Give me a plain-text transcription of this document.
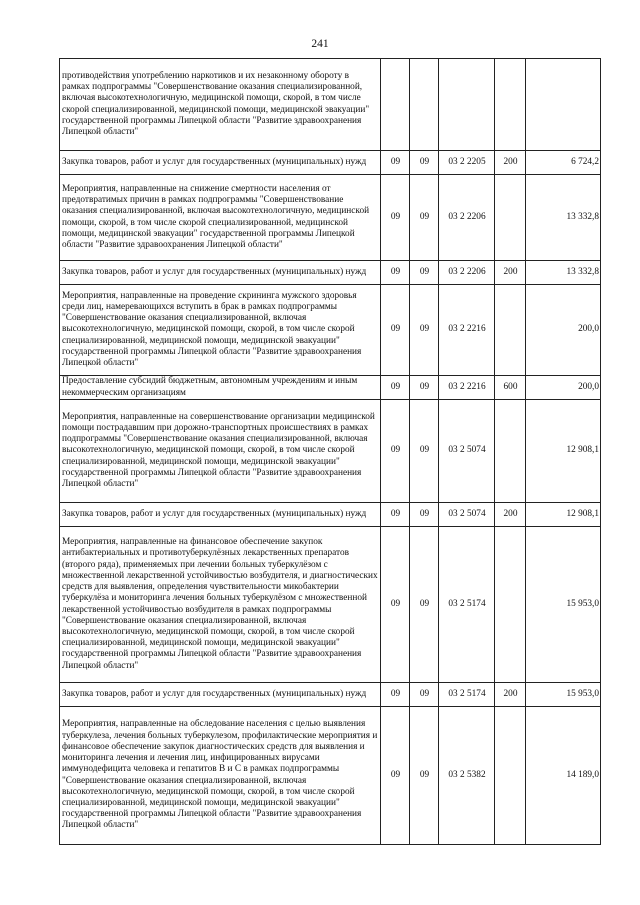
241
противодействия употреблению наркотиков и их незаконному обороту в рамках подпрограммы "Совершенствование оказания специализированной, включая высокотехнологичную, медицинской помощи, скорой, в том числе скорой специализированной, медицинской помощи, медицинской эвакуации" государственной программы Липецкой области "Развитие здравоохранения Липецкой области"					
Закупка товаров, работ и услуг для государственных (муниципальных) нужд	09	09	03 2 2205	200	6 724,2
Мероприятия, направленные на снижение смертности населения от предотвратимых причин в рамках подпрограммы "Совершенствование оказания специализированной, включая высокотехнологичную, медицинской помощи, скорой, в том числе скорой специализированной, медицинской помощи, медицинской эвакуации" государственной программы Липецкой области "Развитие здравоохранения Липецкой области"	09	09	03 2 2206		13 332,8
Закупка товаров, работ и услуг для государственных (муниципальных) нужд	09	09	03 2 2206	200	13 332,8
Мероприятия, направленные на проведение скрининга мужского здоровья среди лиц, намеревающихся вступить в брак в рамках подпрограммы "Совершенствование оказания специализированной, включая высокотехнологичную, медицинской помощи, скорой, в том числе скорой специализированной, медицинской помощи, медицинской эвакуации" государственной программы Липецкой области "Развитие здравоохранения Липецкой области"	09	09	03 2 2216		200,0
Предоставление субсидий бюджетным, автономным учреждениям и иным некоммерческим организациям	09	09	03 2 2216	600	200,0
Мероприятия, направленные на совершенствование организации медицинской помощи пострадавшим при дорожно-транспортных происшествиях в рамках подпрограммы "Совершенствование оказания специализированной, включая высокотехнологичную, медицинской помощи, скорой, в том числе скорой специализированной, медицинской помощи, медицинской эвакуации" государственной программы Липецкой области "Развитие здравоохранения Липецкой области"	09	09	03 2 5074		12 908,1
Закупка товаров, работ и услуг для государственных (муниципальных) нужд	09	09	03 2 5074	200	12 908,1
Мероприятия, направленные на финансовое обеспечение закупок антибактериальных и противотуберкулёзных лекарственных препаратов (второго ряда), применяемых при лечении больных туберкулёзом с множественной лекарственной устойчивостью возбудителя, и диагностических средств для выявления, определения чувствительности микобактерии туберкулёза и мониторинга лечения больных туберкулёзом с множественной лекарственной устойчивостью возбудителя в рамках подпрограммы "Совершенствование оказания специализированной, включая высокотехнологичную, медицинской помощи, скорой, в том числе скорой специализированной, медицинской помощи, медицинской эвакуации" государственной программы Липецкой области "Развитие здравоохранения Липецкой области"	09	09	03 2 5174		15 953,0
Закупка товаров, работ и услуг для государственных (муниципальных) нужд	09	09	03 2 5174	200	15 953,0
Мероприятия, направленные на обследование населения с целью выявления туберкулеза, лечения больных туберкулезом, профилактические мероприятия и финансовое обеспечение закупок диагностических средств для выявления и мониторинга лечения и лечения лиц, инфицированных вирусами иммунодефицита человека и гепатитов B и C в рамках подпрограммы "Совершенствование оказания специализированной, включая высокотехнологичную, медицинской помощи, скорой, в том числе скорой специализированной, медицинской помощи, медицинской эвакуации" государственной программы Липецкой области "Развитие здравоохранения Липецкой области"	09	09	03 2 5382		14 189,0
